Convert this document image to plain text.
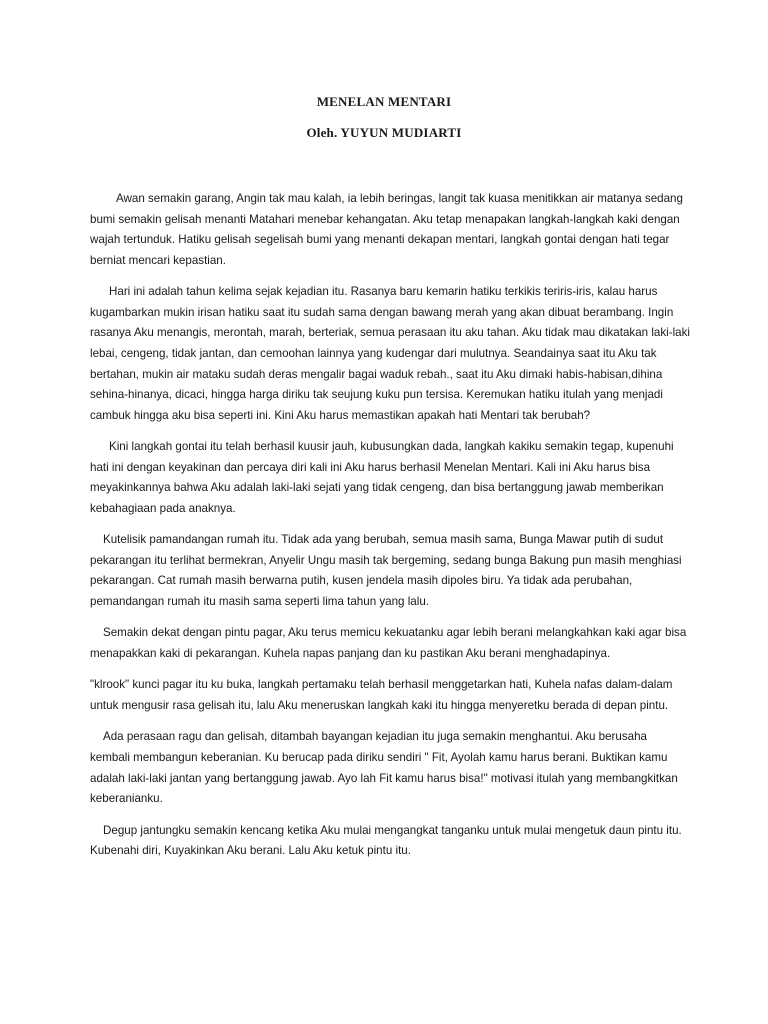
MENELAN MENTARI
Oleh. YUYUN MUDIARTI

Awan semakin garang, Angin tak mau kalah, ia lebih beringas, langit tak kuasa menitikkan air matanya sedang bumi semakin gelisah menanti Matahari menebar kehangatan. Aku tetap menapakan langkah-langkah kaki dengan wajah tertunduk. Hatiku gelisah segelisah bumi yang menanti dekapan mentari, langkah gontai dengan hati tegar berniat mencari kepastian.

Hari ini adalah tahun kelima sejak kejadian itu. Rasanya baru kemarin hatiku terkikis teriris-iris, kalau harus kugambarkan mukin irisan hatiku saat itu sudah sama dengan bawang merah yang akan dibuat berambang. Ingin rasanya Aku menangis, merontah, marah, berteriak, semua perasaan itu aku tahan. Aku tidak mau dikatakan laki-laki lebai, cengeng, tidak jantan, dan cemoohan lainnya yang kudengar dari mulutnya. Seandainya saat itu Aku tak bertahan, mukin air mataku sudah deras mengalir bagai waduk rebah., saat itu Aku dimaki habis-habisan,dihina sehina-hinanya, dicaci, hingga harga diriku tak seujung kuku pun tersisa. Keremukan hatiku itulah yang menjadi cambuk hingga aku bisa seperti ini. Kini Aku harus memastikan apakah hati Mentari tak berubah?

Kini langkah gontai itu telah berhasil kuusir jauh, kubusungkan dada, langkah kakiku semakin tegap, kupenuhi hati ini dengan keyakinan dan percaya diri kali ini Aku harus berhasil Menelan Mentari. Kali ini Aku harus bisa meyakinkannya bahwa Aku adalah laki-laki sejati yang tidak cengeng, dan bisa bertanggung jawab memberikan kebahagiaan pada anaknya.

Kutelisik pamandangan rumah itu. Tidak ada yang berubah, semua masih sama, Bunga Mawar putih di sudut pekarangan itu terlihat bermekran, Anyelir Ungu masih tak bergeming, sedang bunga Bakung pun masih menghiasi pekarangan. Cat rumah masih berwarna putih, kusen jendela masih dipoles biru. Ya tidak ada perubahan, pemandangan rumah itu masih sama seperti lima tahun yang lalu.

Semakin dekat dengan pintu pagar, Aku terus memicu kekuatanku agar lebih berani melangkahkan kaki agar bisa menapakkan kaki di pekarangan. Kuhela napas panjang dan ku pastikan Aku berani menghadapinya.

"klrook" kunci pagar itu ku buka, langkah pertamaku telah berhasil menggetarkan hati, Kuhela nafas dalam-dalam untuk mengusir rasa gelisah itu, lalu Aku meneruskan langkah kaki itu hingga menyeretku berada di depan pintu.

Ada perasaan ragu dan gelisah, ditambah bayangan kejadian itu juga semakin menghantui. Aku berusaha kembali membangun keberanian. Ku berucap pada diriku sendiri " Fit, Ayolah kamu harus berani. Buktikan kamu adalah laki-laki jantan yang bertanggung jawab. Ayo lah Fit kamu harus bisa!" motivasi itulah yang membangkitkan keberanianku.

Degup jantungku semakin kencang ketika Aku mulai mengangkat tanganku untuk mulai mengetuk daun pintu itu. Kubenahi diri, Kuyakinkan Aku berani. Lalu Aku ketuk pintu itu.
